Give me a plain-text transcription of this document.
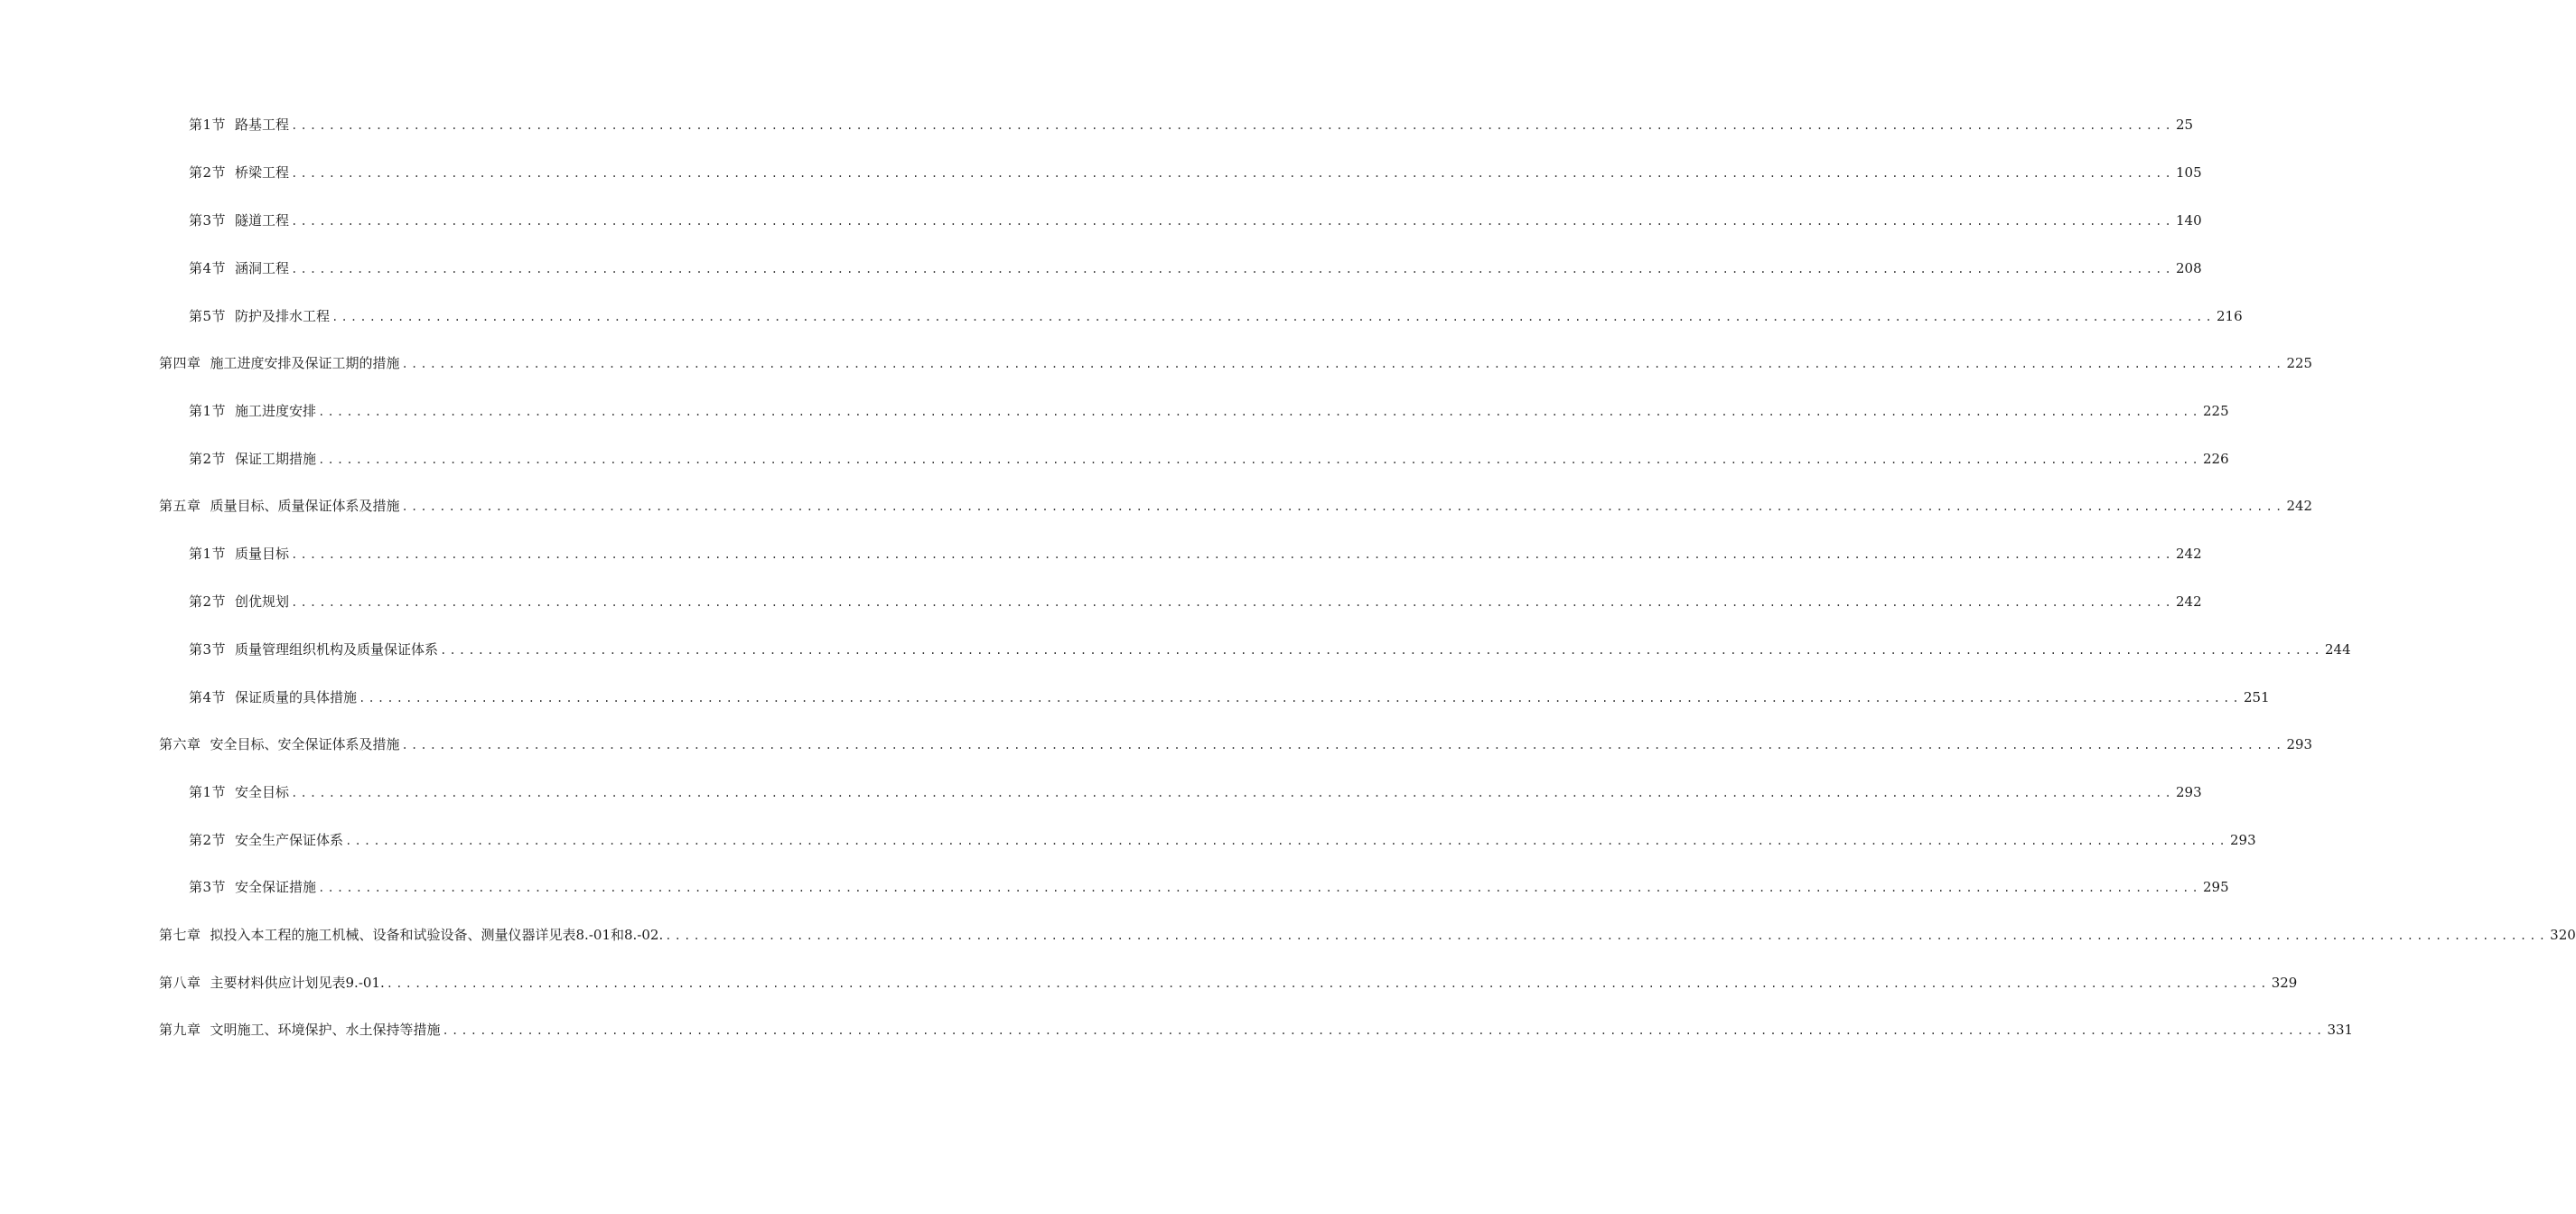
第1节 路基工程 ........................................................................................................................................................................................................ 25
第2节 桥梁工程 ........................................................................................................................................................................................................ 105
第3节 隧道工程 ........................................................................................................................................................................................................ 140
第4节 涵洞工程 ........................................................................................................................................................................................................ 208
第5节 防护及排水工程 ........................................................................................................................................................................................................ 216
第四章 施工进度安排及保证工期的措施 ........................................................................................................................................................................................................ 225
第1节 施工进度安排 ........................................................................................................................................................................................................ 225
第2节 保证工期措施 ........................................................................................................................................................................................................ 226
第五章 质量目标、质量保证体系及措施 ........................................................................................................................................................................................................ 242
第1节 质量目标 ........................................................................................................................................................................................................ 242
第2节 创优规划 ........................................................................................................................................................................................................ 242
第3节 质量管理组织机构及质量保证体系 ........................................................................................................................................................................................................ 244
第4节 保证质量的具体措施 ........................................................................................................................................................................................................ 251
第六章 安全目标、安全保证体系及措施 ........................................................................................................................................................................................................ 293
第1节 安全目标 ........................................................................................................................................................................................................ 293
第2节 安全生产保证体系 ........................................................................................................................................................................................................ 293
第3节 安全保证措施 ........................................................................................................................................................................................................ 295
第七章 拟投入本工程的施工机械、设备和试验设备、测量仪器详见表8.-01和8.-02. ........................................................................................................................................................................................................ 320
第八章 主要材料供应计划见表9.-01. ........................................................................................................................................................................................................ 329
第九章 文明施工、环境保护、水土保持等措施 ........................................................................................................................................................................................................ 331
